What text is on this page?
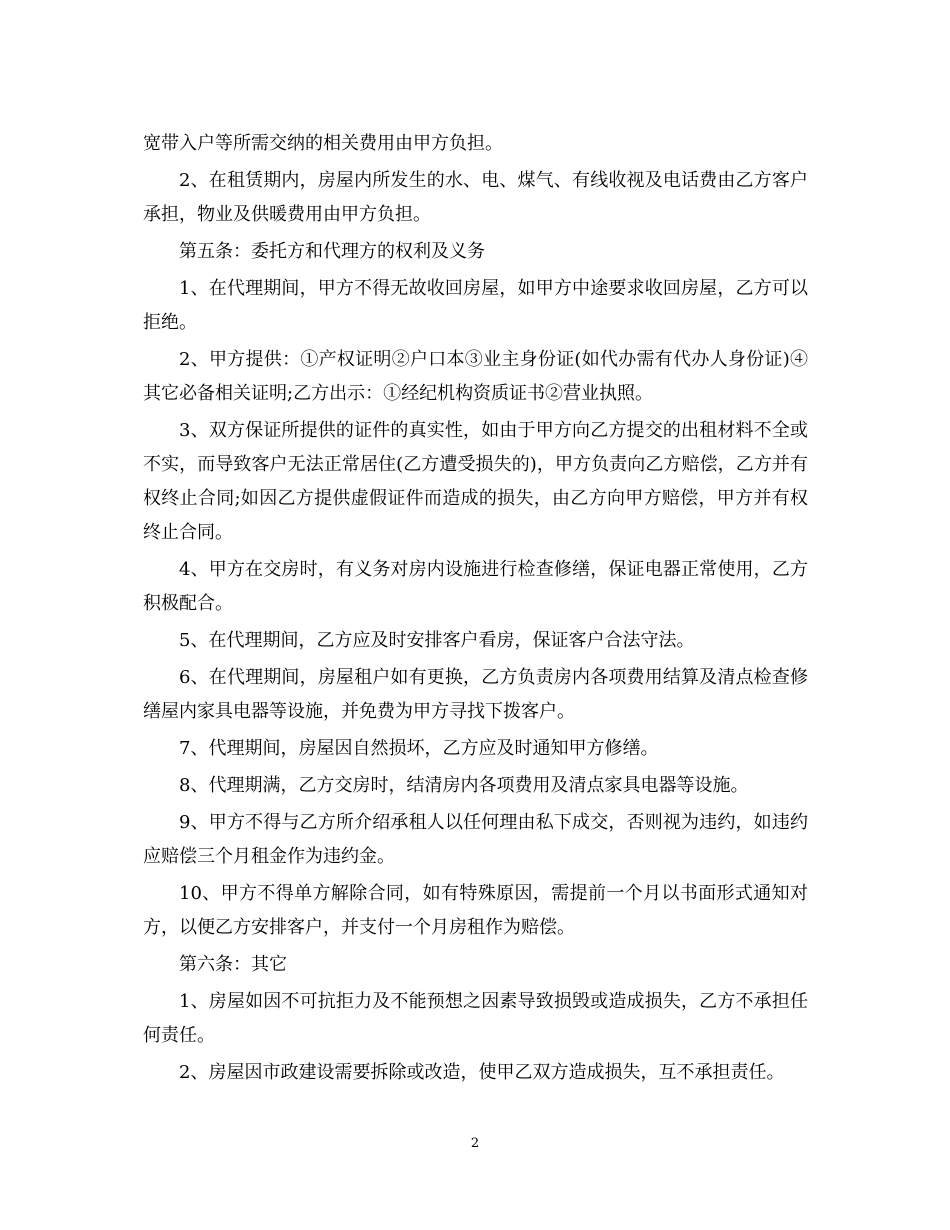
宽带入户等所需交纳的相关费用由甲方负担。

2、在租赁期内，房屋内所发生的水、电、煤气、有线收视及电话费由乙方客户承担，物业及供暖费用由甲方负担。

第五条：委托方和代理方的权利及义务

1、在代理期间，甲方不得无故收回房屋，如甲方中途要求收回房屋，乙方可以拒绝。

2、甲方提供：①产权证明②户口本③业主身份证(如代办需有代办人身份证)④ 其它必备相关证明;乙方出示：①经纪机构资质证书②营业执照。

3、双方保证所提供的证件的真实性，如由于甲方向乙方提交的出租材料不全或不实，而导致客户无法正常居住(乙方遭受损失的)，甲方负责向乙方赔偿，乙方并有权终止合同;如因乙方提供虚假证件而造成的损失，由乙方向甲方赔偿，甲方并有权终止合同。

4、甲方在交房时，有义务对房内设施进行检查修缮，保证电器正常使用，乙方积极配合。

5、在代理期间，乙方应及时安排客户看房，保证客户合法守法。

6、在代理期间，房屋租户如有更换，乙方负责房内各项费用结算及清点检查修缮屋内家具电器等设施，并免费为甲方寻找下拨客户。

7、代理期间，房屋因自然损坏，乙方应及时通知甲方修缮。

8、代理期满，乙方交房时，结清房内各项费用及清点家具电器等设施。

9、甲方不得与乙方所介绍承租人以任何理由私下成交，否则视为违约，如违约应赔偿三个月租金作为违约金。

10、甲方不得单方解除合同，如有特殊原因，需提前一个月以书面形式通知对方，以便乙方安排客户，并支付一个月房租作为赔偿。

第六条：其它

1、房屋如因不可抗拒力及不能预想之因素导致损毁或造成损失，乙方不承担任何责任。

2、房屋因市政建设需要拆除或改造，使甲乙双方造成损失，互不承担责任。

2
